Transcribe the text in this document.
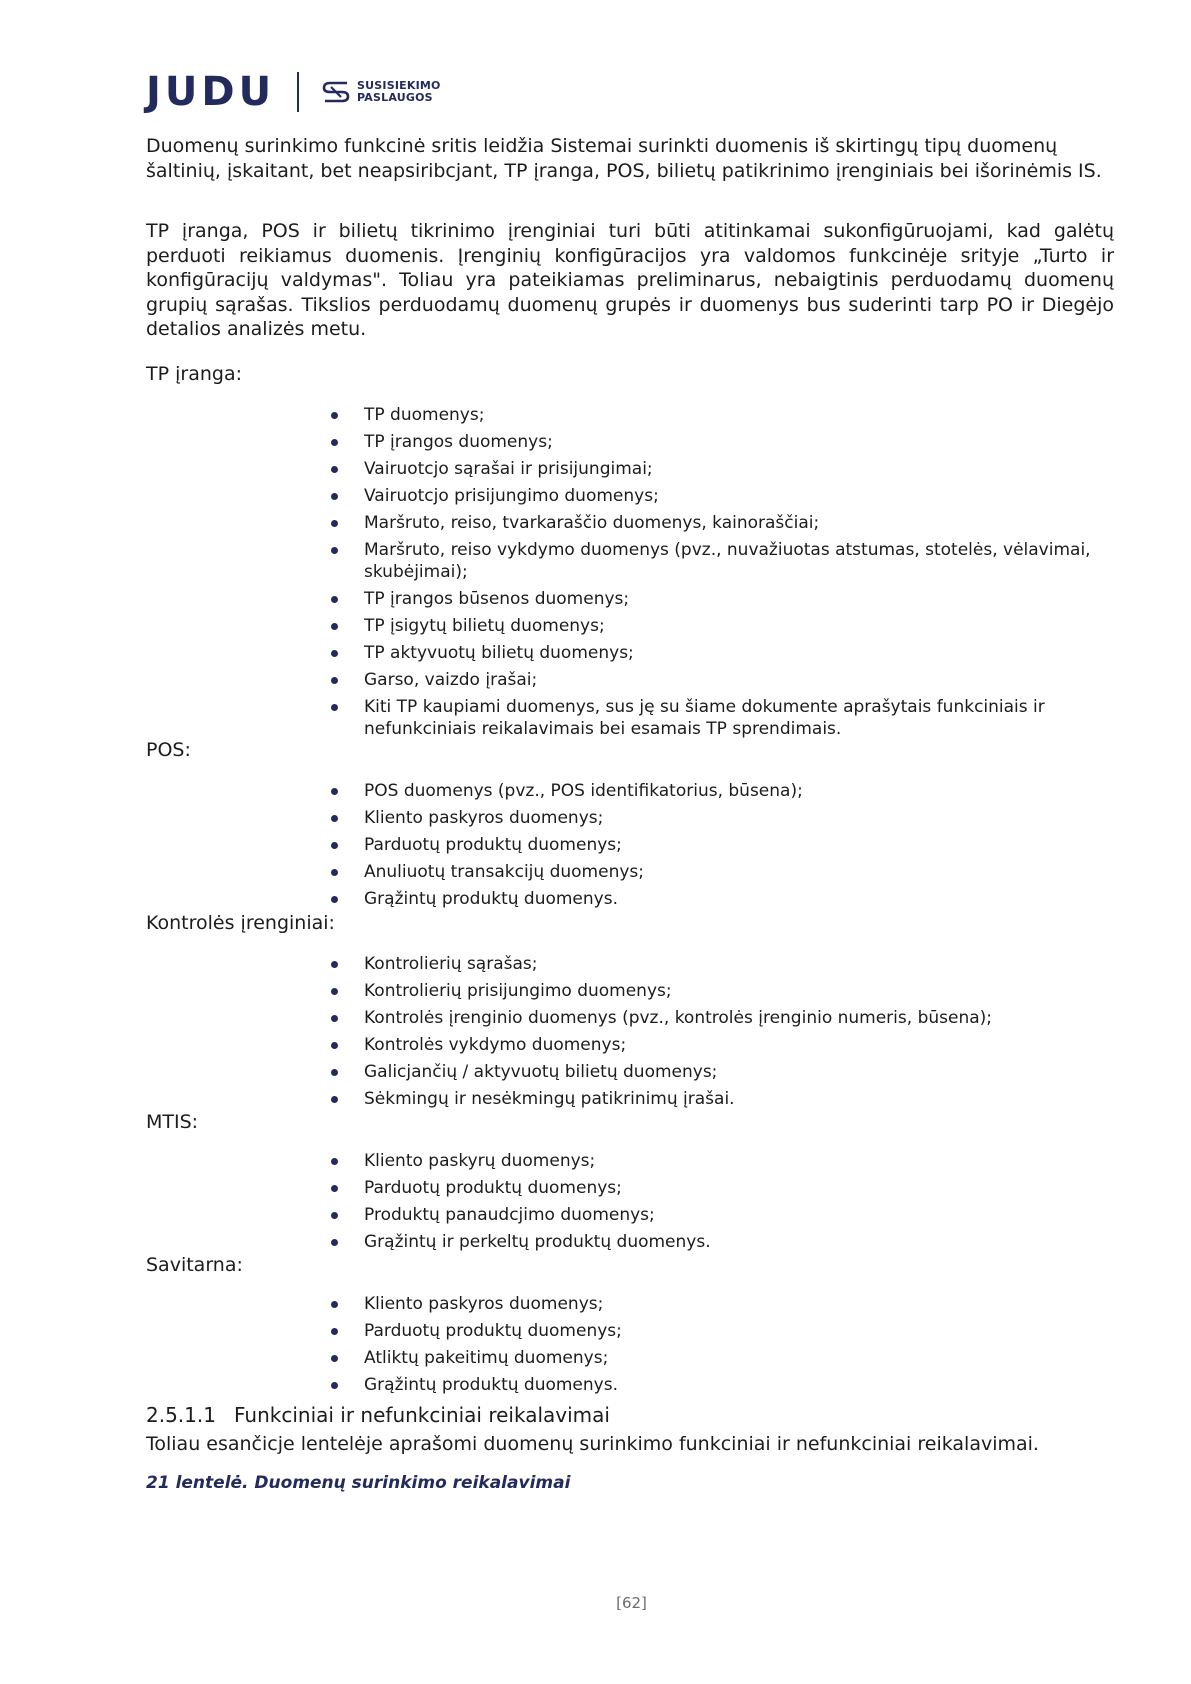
JUDU	SUSISIEKIMO
PASLAUGOS

Duomenų surinkimo funkcinė sritis leidžia Sistemai surinkti duomenis iš skirtingų tipų duomenų šaltinių, įskaitant, bet neapsiribcjant, TP įranga, POS, bilietų patikrinimo įrenginiais bei išorinėmis IS.

TP įranga, POS ir bilietų tikrinimo įrenginiai turi būti atitinkamai sukonfigūruojami, kad galėtų perduoti reikiamus duomenis. Įrenginių konfigūracijos yra valdomos funkcinėje srityje „Turto ir konfigūracijų valdymas". Toliau yra pateikiamas preliminarus, nebaigtinis perduodamų duomenų grupių sąrašas. Tikslios perduodamų duomenų grupės ir duomenys bus suderinti tarp PO ir Diegėjo detalios analizės metu.

TP įranga:
TP duomenys;
TP įrangos duomenys;
Vairuotcjo sąrašai ir prisijungimai;
Vairuotcjo prisijungimo duomenys;
Maršruto, reiso, tvarkaraščio duomenys, kainoraščiai;
Maršruto, reiso vykdymo duomenys (pvz., nuvažiuotas atstumas, stotelės, vėlavimai, skubėjimai);
TP įrangos būsenos duomenys;
TP įsigytų bilietų duomenys;
TP aktyvuotų bilietų duomenys;
Garso, vaizdo įrašai;
Kiti TP kaupiami duomenys, sus ję su šiame dokumente aprašytais funkciniais ir nefunkciniais reikalavimais bei esamais TP sprendimais.
POS:
POS duomenys (pvz., POS identifikatorius, būsena);
Kliento paskyros duomenys;
Parduotų produktų duomenys;
Anuliuotų transakcijų duomenys;
Grąžintų produktų duomenys.
Kontrolės įrenginiai:
Kontrolierių sąrašas;
Kontrolierių prisijungimo duomenys;
Kontrolės įrenginio duomenys (pvz., kontrolės įrenginio numeris, būsena);
Kontrolės vykdymo duomenys;
Galicjančių / aktyvuotų bilietų duomenys;
Sėkmingų ir nesėkmingų patikrinimų įrašai.
MTIS:
Kliento paskyrų duomenys;
Parduotų produktų duomenys;
Produktų panaudcjimo duomenys;
Grąžintų ir perkeltų produktų duomenys.
Savitarna:
Kliento paskyros duomenys;
Parduotų produktų duomenys;
Atliktų pakeitimų duomenys;
Grąžintų produktų duomenys.
2.5.1.1 Funkciniai ir nefunkciniai reikalavimai
Toliau esančicje lentelėje aprašomi duomenų surinkimo funkciniai ir nefunkciniai reikalavimai.
21 lentelė. Duomenų surinkimo reikalavimai
[62]
